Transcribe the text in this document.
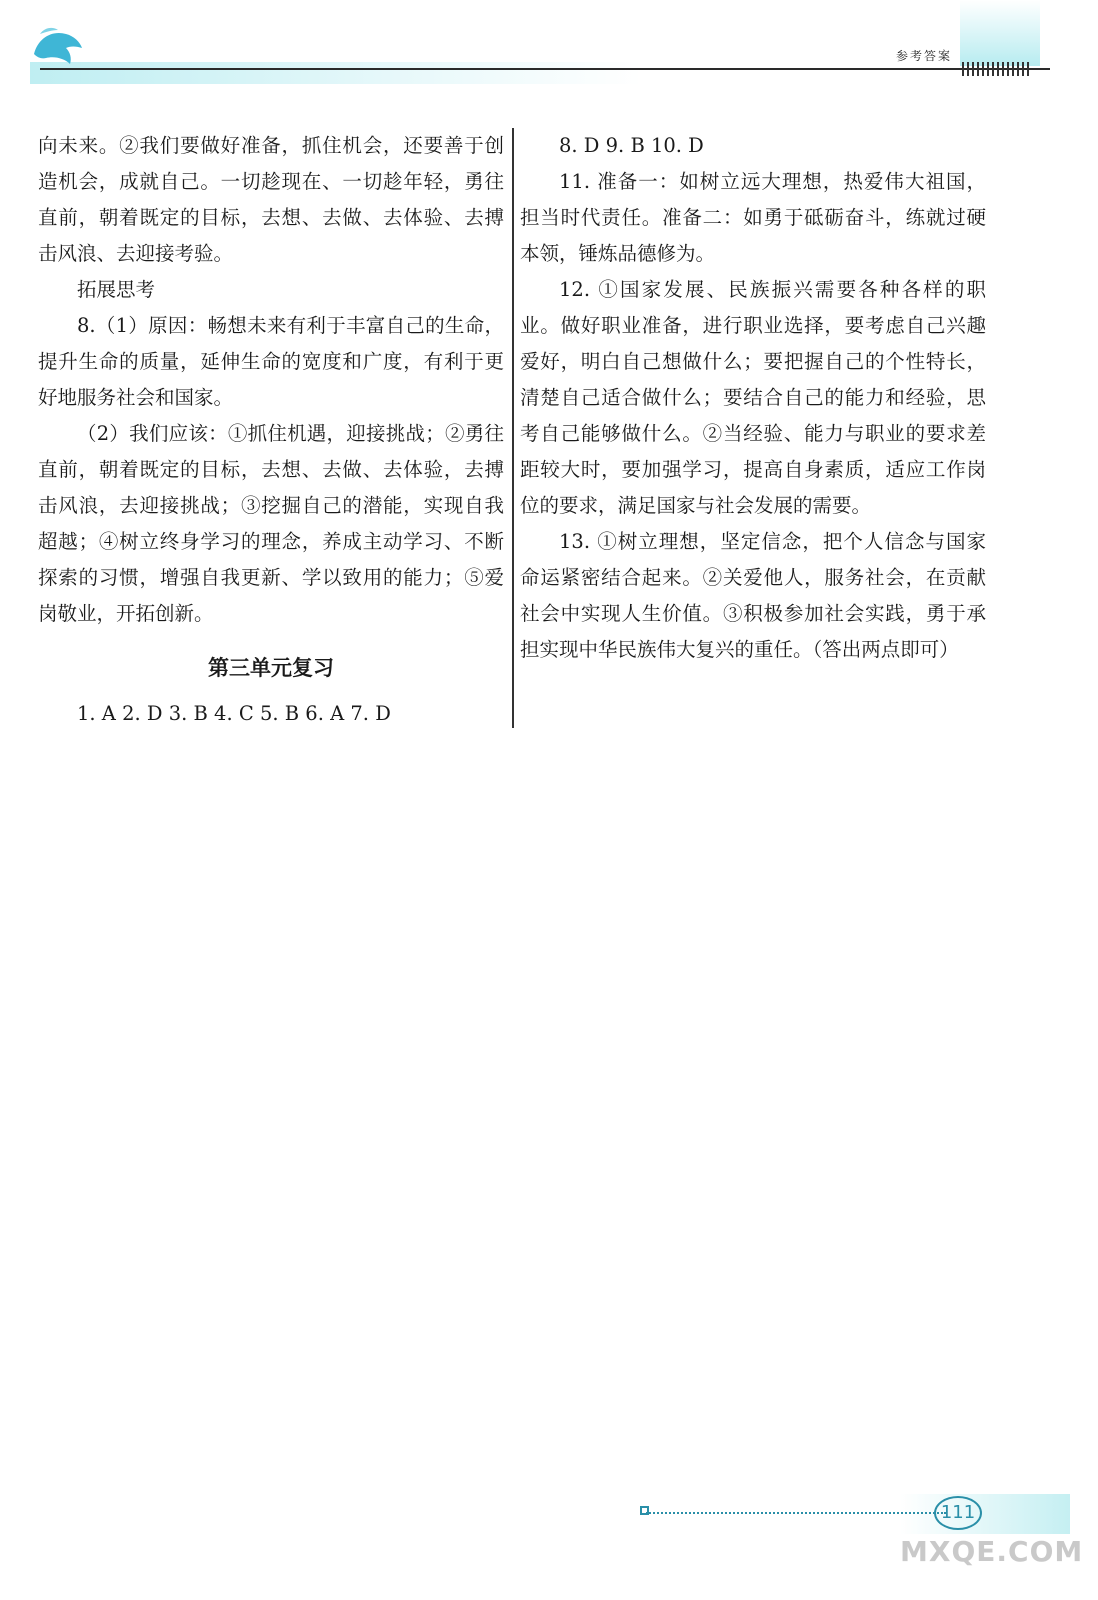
参考答案

向未来。②我们要做好准备，抓住机会，还要善于创造机会，成就自己。一切趁现在、一切趁年轻，勇往直前，朝着既定的目标，去想、去做、去体验、去搏击风浪、去迎接考验。

拓展思考

8.（1）原因：畅想未来有利于丰富自己的生命，提升生命的质量，延伸生命的宽度和广度，有利于更好地服务社会和国家。

（2）我们应该：①抓住机遇，迎接挑战；②勇往直前，朝着既定的目标，去想、去做、去体验，去搏击风浪，去迎接挑战；③挖掘自己的潜能，实现自我超越；④树立终身学习的理念，养成主动学习、不断探索的习惯，增强自我更新、学以致用的能力；⑤爱岗敬业，开拓创新。

第三单元复习

1. A 2. D 3. B 4. C 5. B 6. A 7. D

8. D 9. B 10. D

11. 准备一：如树立远大理想，热爱伟大祖国，担当时代责任。准备二：如勇于砥砺奋斗，练就过硬本领，锤炼品德修为。

12. ①国家发展、民族振兴需要各种各样的职业。做好职业准备，进行职业选择，要考虑自己兴趣爱好，明白自己想做什么；要把握自己的个性特长，清楚自己适合做什么；要结合自己的能力和经验，思考自己能够做什么。②当经验、能力与职业的要求差距较大时，要加强学习，提高自身素质，适应工作岗位的要求，满足国家与社会发展的需要。

13. ①树立理想，坚定信念，把个人信念与国家命运紧密结合起来。②关爱他人，服务社会，在贡献社会中实现人生价值。③积极参加社会实践，勇于承担实现中华民族伟大复兴的重任。（答出两点即可）

111
MXQE.COM
